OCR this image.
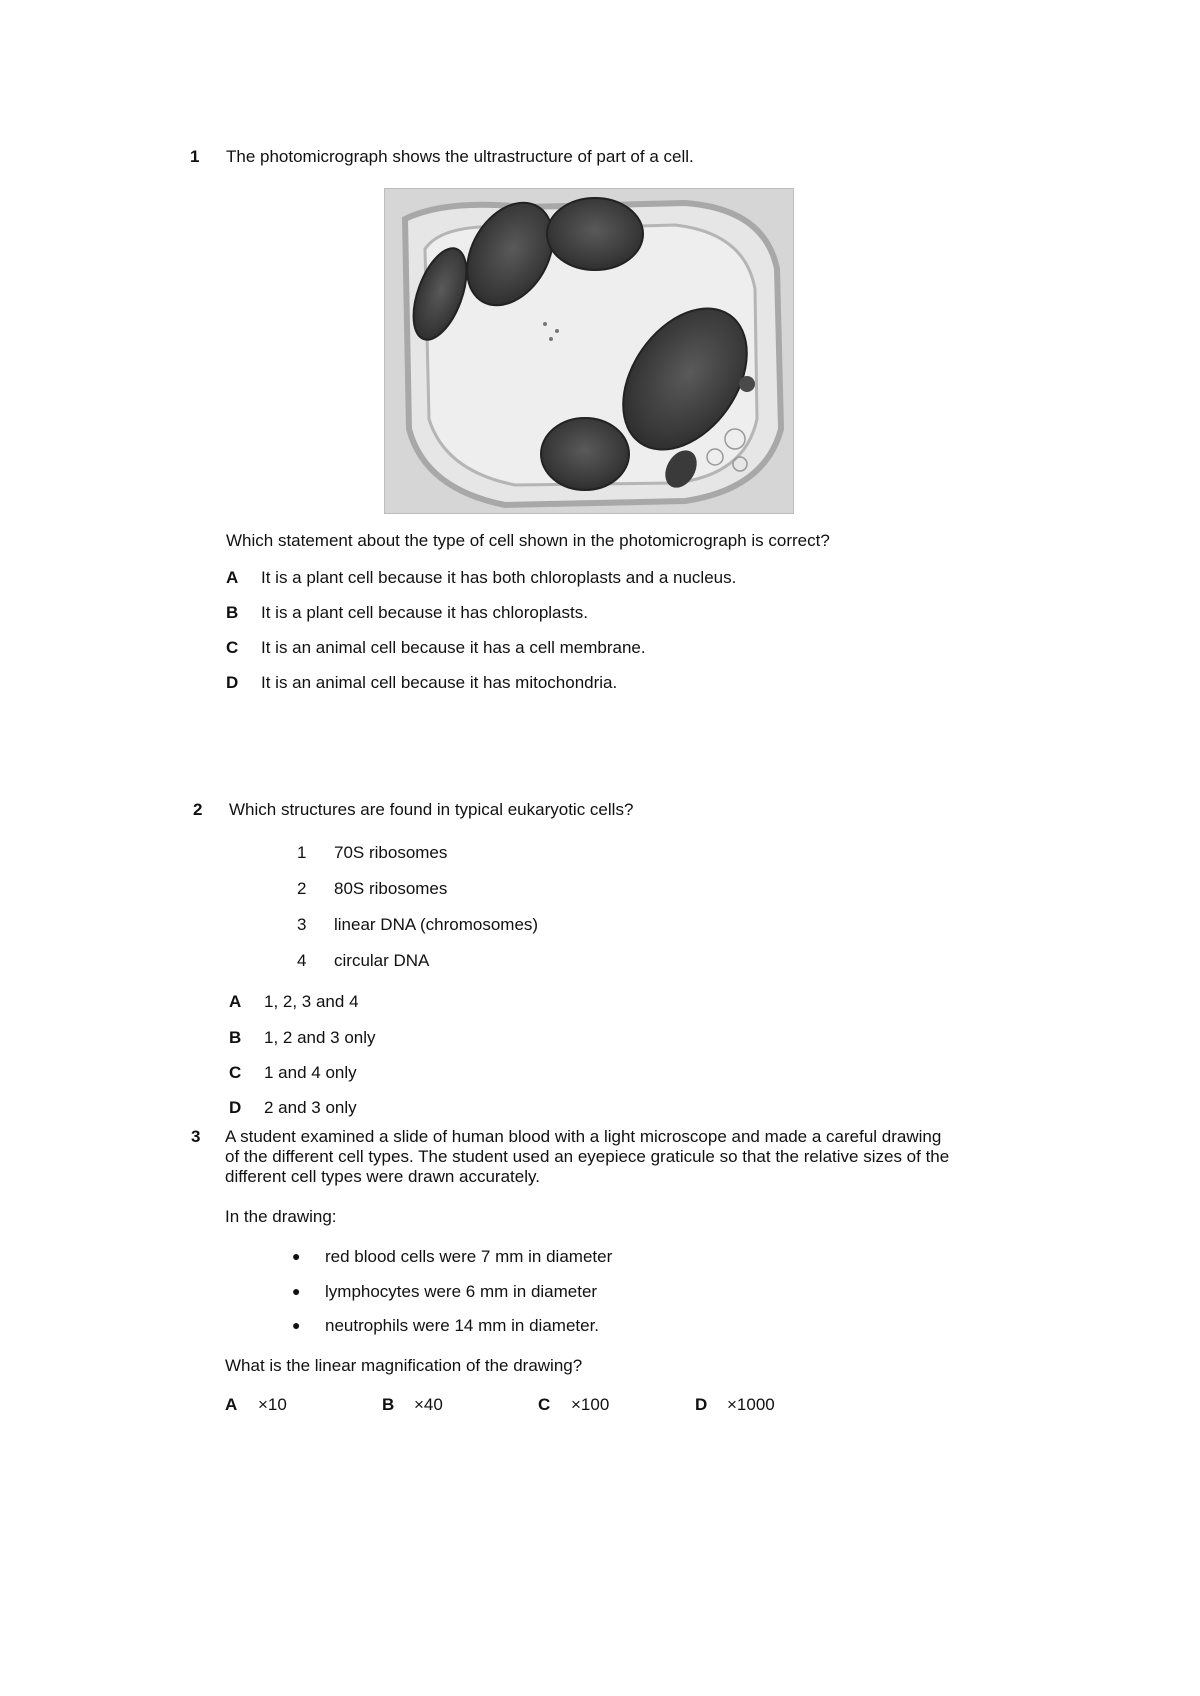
1 The photomicrograph shows the ultrastructure of part of a cell.
Which statement about the type of cell shown in the photomicrograph is correct?
A It is a plant cell because it has both chloroplasts and a nucleus.
B It is a plant cell because it has chloroplasts.
C It is an animal cell because it has a cell membrane.
D It is an animal cell because it has mitochondria.
2 Which structures are found in typical eukaryotic cells?
1 70S ribosomes
2 80S ribosomes
3 linear DNA (chromosomes)
4 circular DNA
A 1, 2, 3 and 4
B 1, 2 and 3 only
C 1 and 4 only
D 2 and 3 only
3 A student examined a slide of human blood with a light microscope and made a careful drawing
of the different cell types. The student used an eyepiece graticule so that the relative sizes of the
different cell types were drawn accurately.
In the drawing:
● red blood cells were 7 mm in diameter
● lymphocytes were 6 mm in diameter
● neutrophils were 14 mm in diameter.
What is the linear magnification of the drawing?
A ×10	B ×40	C ×100	D ×1000
